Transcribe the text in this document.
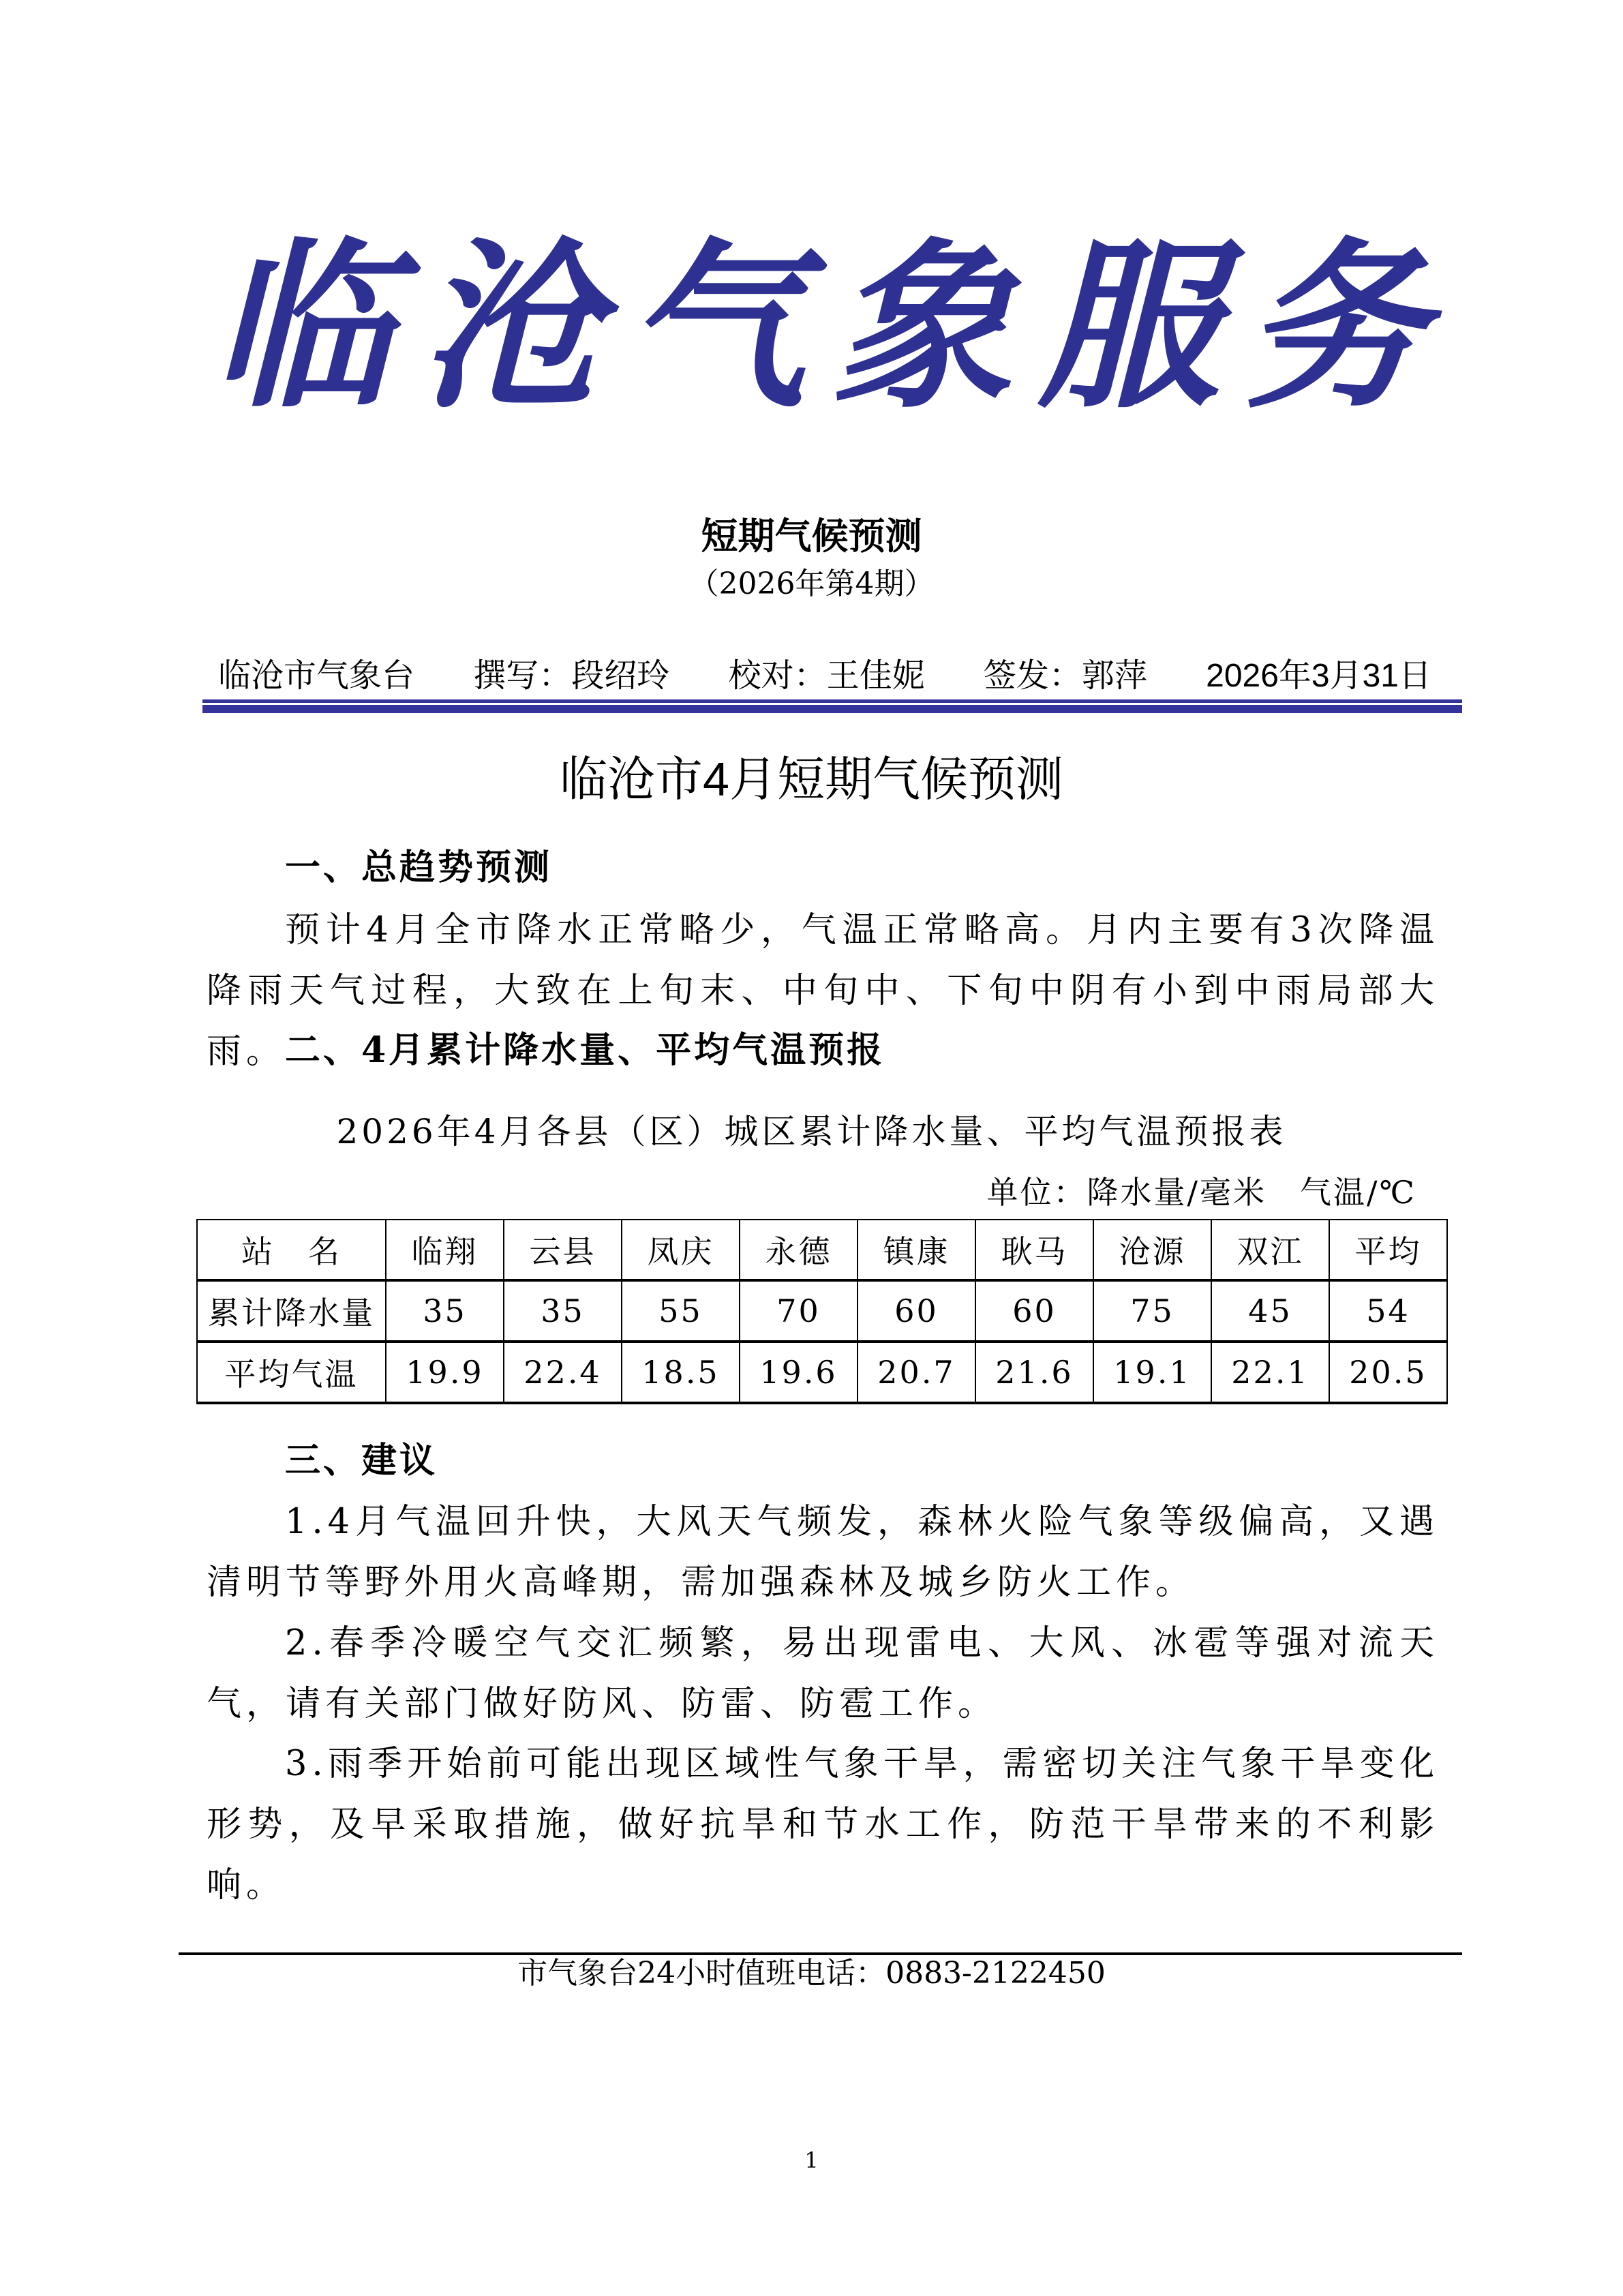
临沧气象服务
短期气候预测
（2026年第4期）
临沧市气象台 撰写：段绍玲 校对：王佳妮 签发：郭萍 2026年3月31日
临沧市4月短期气候预测
一、总趋势预测
预计4月全市降水正常略少，气温正常略高。月内主要有3次降温降雨天气过程，大致在上旬末、中旬中、下旬中阴有小到中雨局部大雨。
二、4月累计降水量、平均气温预报
2026年4月各县（区）城区累计降水量、平均气温预报表
单位：降水量/毫米　气温/℃
站　名	临翔	云县	凤庆	永德	镇康	耿马	沧源	双江	平均
累计降水量	35	35	55	70	60	60	75	45	54
平均气温	19.9	22.4	18.5	19.6	20.7	21.6	19.1	22.1	20.5
三、建议
1.4月气温回升快，大风天气频发，森林火险气象等级偏高，又遇清明节等野外用火高峰期，需加强森林及城乡防火工作。
2.春季冷暖空气交汇频繁，易出现雷电、大风、冰雹等强对流天气，请有关部门做好防风、防雷、防雹工作。
3.雨季开始前可能出现区域性气象干旱，需密切关注气象干旱变化形势，及早采取措施，做好抗旱和节水工作，防范干旱带来的不利影响。
市气象台24小时值班电话：0883-2122450
1
